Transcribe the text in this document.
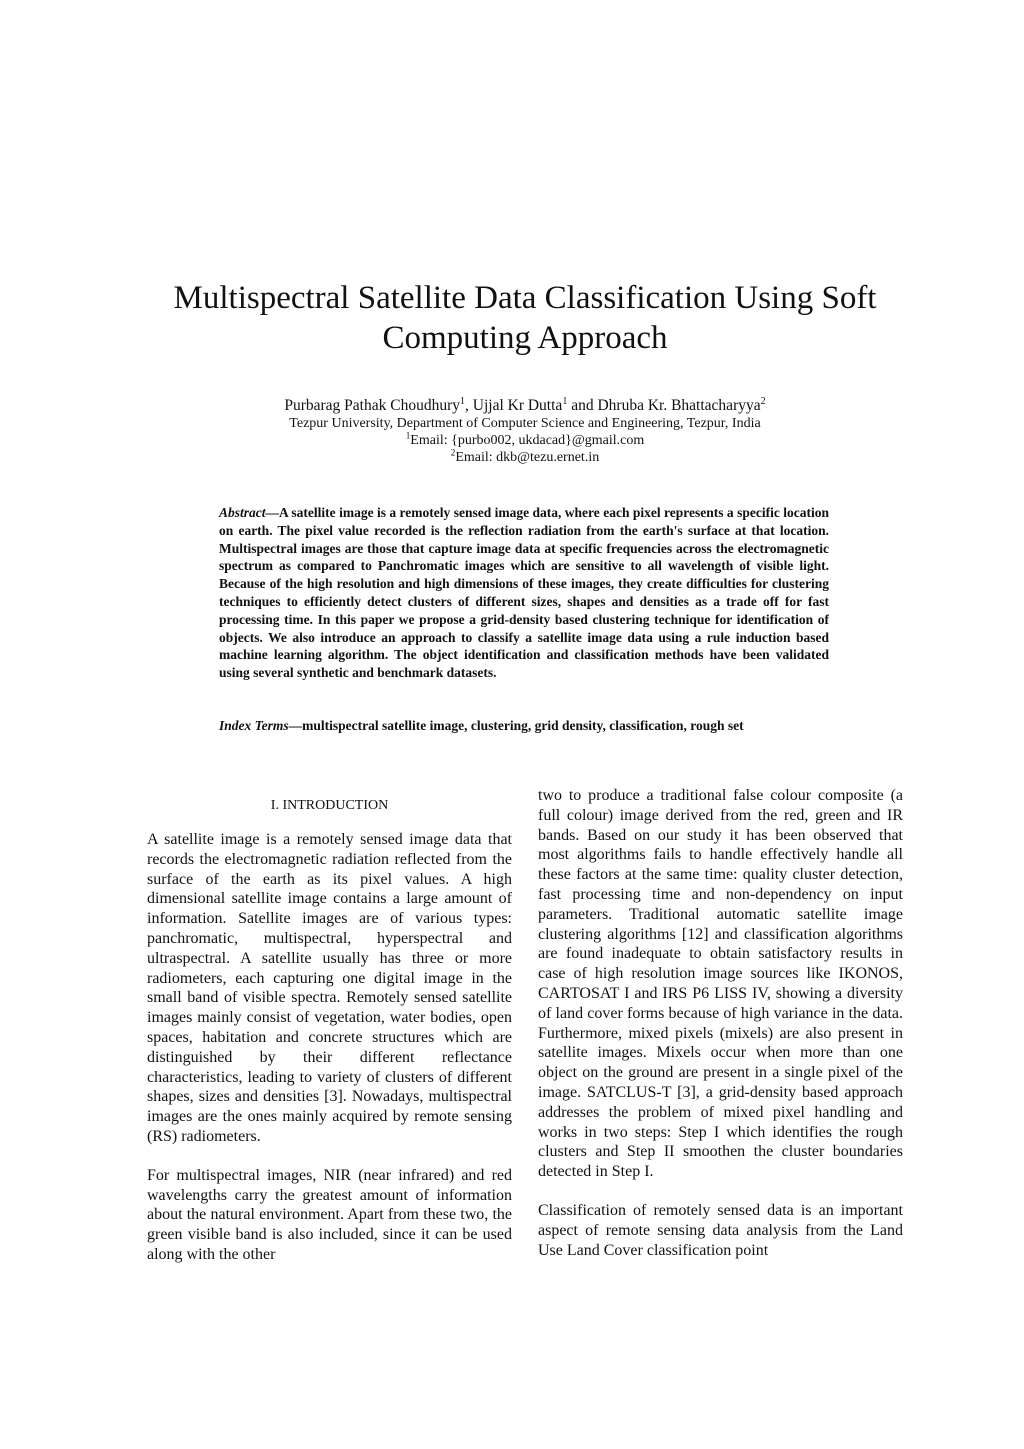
Multispectral Satellite Data Classification Using Soft
Computing Approach
Purbarag Pathak Choudhury$^1$, Ujjal Kr Dutta$^1$ and Dhruba Kr. Bhattacharyya$^2$
Tezpur University, Department of Computer Science and Engineering, Tezpur, India
$^1$Email: {purbo002, ukdacad}@gmail.com
$^2$Email: dkb@tezu.ernet.in
Abstract—A satellite image is a remotely sensed image data, where each pixel represents a specific location on earth. The pixel value recorded is the reflection radiation from the earth's surface at that location. Multispectral images are those that capture image data at specific frequencies across the electromagnetic spectrum as compared to Panchromatic images which are sensitive to all wavelength of visible light. Because of the high resolution and high dimensions of these images, they create difficulties for clustering techniques to efficiently detect clusters of different sizes, shapes and densities as a trade off for fast processing time. In this paper we propose a grid-density based clustering technique for identification of objects. We also introduce an approach to classify a satellite image data using a rule induction based machine learning algorithm. The object identification and classification methods have been validated using several synthetic and benchmark datasets.
Index Terms—multispectral satellite image, clustering, grid density, classification, rough set
I. INTRODUCTION

A satellite image is a remotely sensed image data that records the electromagnetic radiation reflected from the surface of the earth as its pixel values. A high dimensional satellite image contains a large amount of information. Satellite images are of various types: panchromatic, multispectral, hyperspectral and ultraspectral. A satellite usually has three or more radiometers, each capturing one digital image in the small band of visible spectra. Remotely sensed satellite images mainly consist of vegetation, water bodies, open spaces, habitation and concrete structures which are distinguished by their different reflectance characteristics, leading to variety of clusters of different shapes, sizes and densities [3]. Nowadays, multispectral images are the ones mainly acquired by remote sensing (RS) radiometers.

For multispectral images, NIR (near infrared) and red wavelengths carry the greatest amount of information about the natural environment. Apart from these two, the green visible band is also included, since it can be used along with the other

two to produce a traditional false colour composite (a full colour) image derived from the red, green and IR bands. Based on our study it has been observed that most algorithms fails to handle effectively handle all these factors at the same time: quality cluster detection, fast processing time and non-dependency on input parameters. Traditional automatic satellite image clustering algorithms [12] and classification algorithms are found inadequate to obtain satisfactory results in case of high resolution image sources like IKONOS, CARTOSAT I and IRS P6 LISS IV, showing a diversity of land cover forms because of high variance in the data. Furthermore, mixed pixels (mixels) are also present in satellite images. Mixels occur when more than one object on the ground are present in a single pixel of the image. SATCLUS-T [3], a grid-density based approach addresses the problem of mixed pixel handling and works in two steps: Step I which identifies the rough clusters and Step II smoothen the cluster boundaries detected in Step I.

Classification of remotely sensed data is an important aspect of remote sensing data analysis from the Land Use Land Cover classification point
